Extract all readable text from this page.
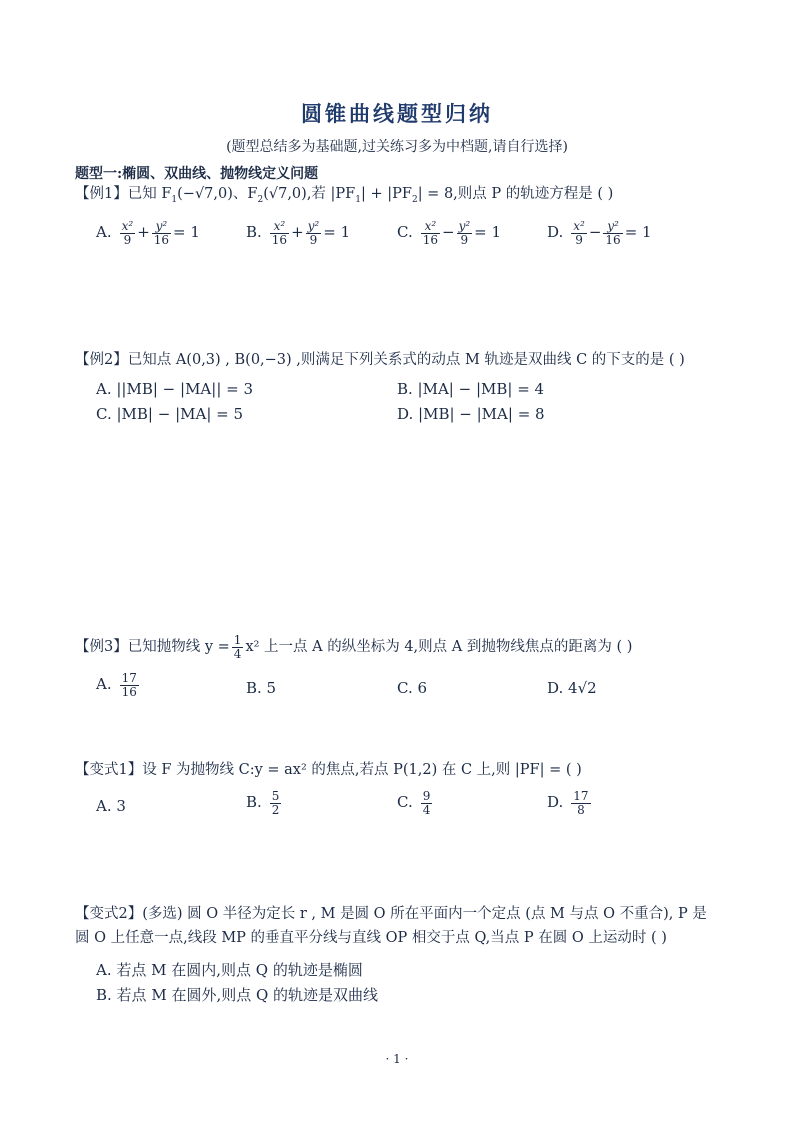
圆锥曲线题型归纳
(题型总结多为基础题,过关练习多为中档题,请自行选择)
题型一:椭圆、双曲线、抛物线定义问题
【例1】已知 $F_1(-√7,0)$、$F_2(√7,0)$,若 $|PF_1| + |PF_2| = 8$,则点 P 的轨迹方程是 ( )
A. $\frac{\text{x²}}{9} + \frac{\text{y²}}{16} = 1$	B. $\frac{\text{x²}}{16} + \frac{\text{y²}}{9} = 1$	C. $\frac{\text{x²}}{16} - \frac{\text{y²}}{9} = 1$	D. $\frac{\text{x²}}{9} - \frac{\text{y²}}{16} = 1$
【例2】已知点 A(0,3) , B(0,−3) ,则满足下列关系式的动点 M 轨迹是双曲线 C 的下支的是 ( )
A. ||MB| − |MA|| = 3	B. |MA| − |MB| = 4
C. |MB| − |MA| = 5	D. |MB| − |MA| = 8
【例3】已知抛物线 $y = \frac{1}{4} x^2$ 上一点 A 的纵坐标为 4,则点 A 到抛物线焦点的距离为 ( )
A. $\frac{17}{16}$	B. 5	C. 6	D. 4√2
【变式1】设 F 为抛物线 C:y = ax² 的焦点,若点 P(1,2) 在 C 上,则 |PF| = ( )
A. 3	B. $\frac{5}{2}$	C. $\frac{9}{4}$	D. $\frac{17}{8}$
【变式2】(多选) 圆 O 半径为定长 r , M 是圆 O 所在平面内一个定点 (点 M 与点 O 不重合), P 是
圆 O 上任意一点,线段 MP 的垂直平分线与直线 OP 相交于点 Q,当点 P 在圆 O 上运动时 ( )
A. 若点 M 在圆内,则点 Q 的轨迹是椭圆
B. 若点 M 在圆外,则点 Q 的轨迹是双曲线
· 1 ·
